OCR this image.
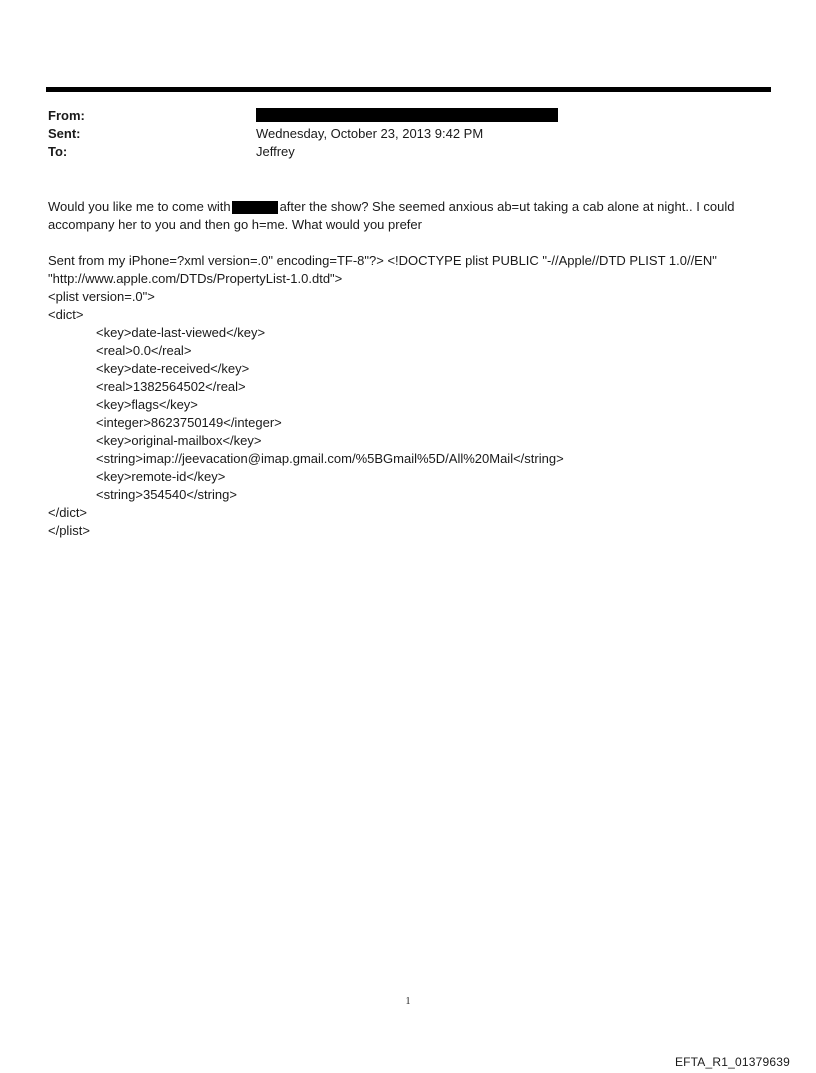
From:
Sent:	Wednesday, October 23, 2013 9:42 PM
To:	Jeffrey
Would you like me to come with	after the show? She seemed anxious ab=ut taking a cab alone at night.. I could
accompany her to you and then go h=me. What would you prefer
Sent from my iPhone=?xml version=.0" encoding=TF-8"?> <!DOCTYPE plist PUBLIC "-//Apple//DTD PLIST 1.0//EN"
"http://www.apple.com/DTDs/PropertyList-1.0.dtd">
<plist version=.0">
<dict>
<key>date-last-viewed</key>
<real>0.0</real>
<key>date-received</key>
<real>1382564502</real>
<key>flags</key>
<integer>8623750149</integer>
<key>original-mailbox</key>
<string>imap://jeevacation@imap.gmail.com/%5BGmail%5D/All%20Mail</string>
<key>remote-id</key>
<string>354540</string>
</dict>
</plist>
1
EFTA_R1_01379639
